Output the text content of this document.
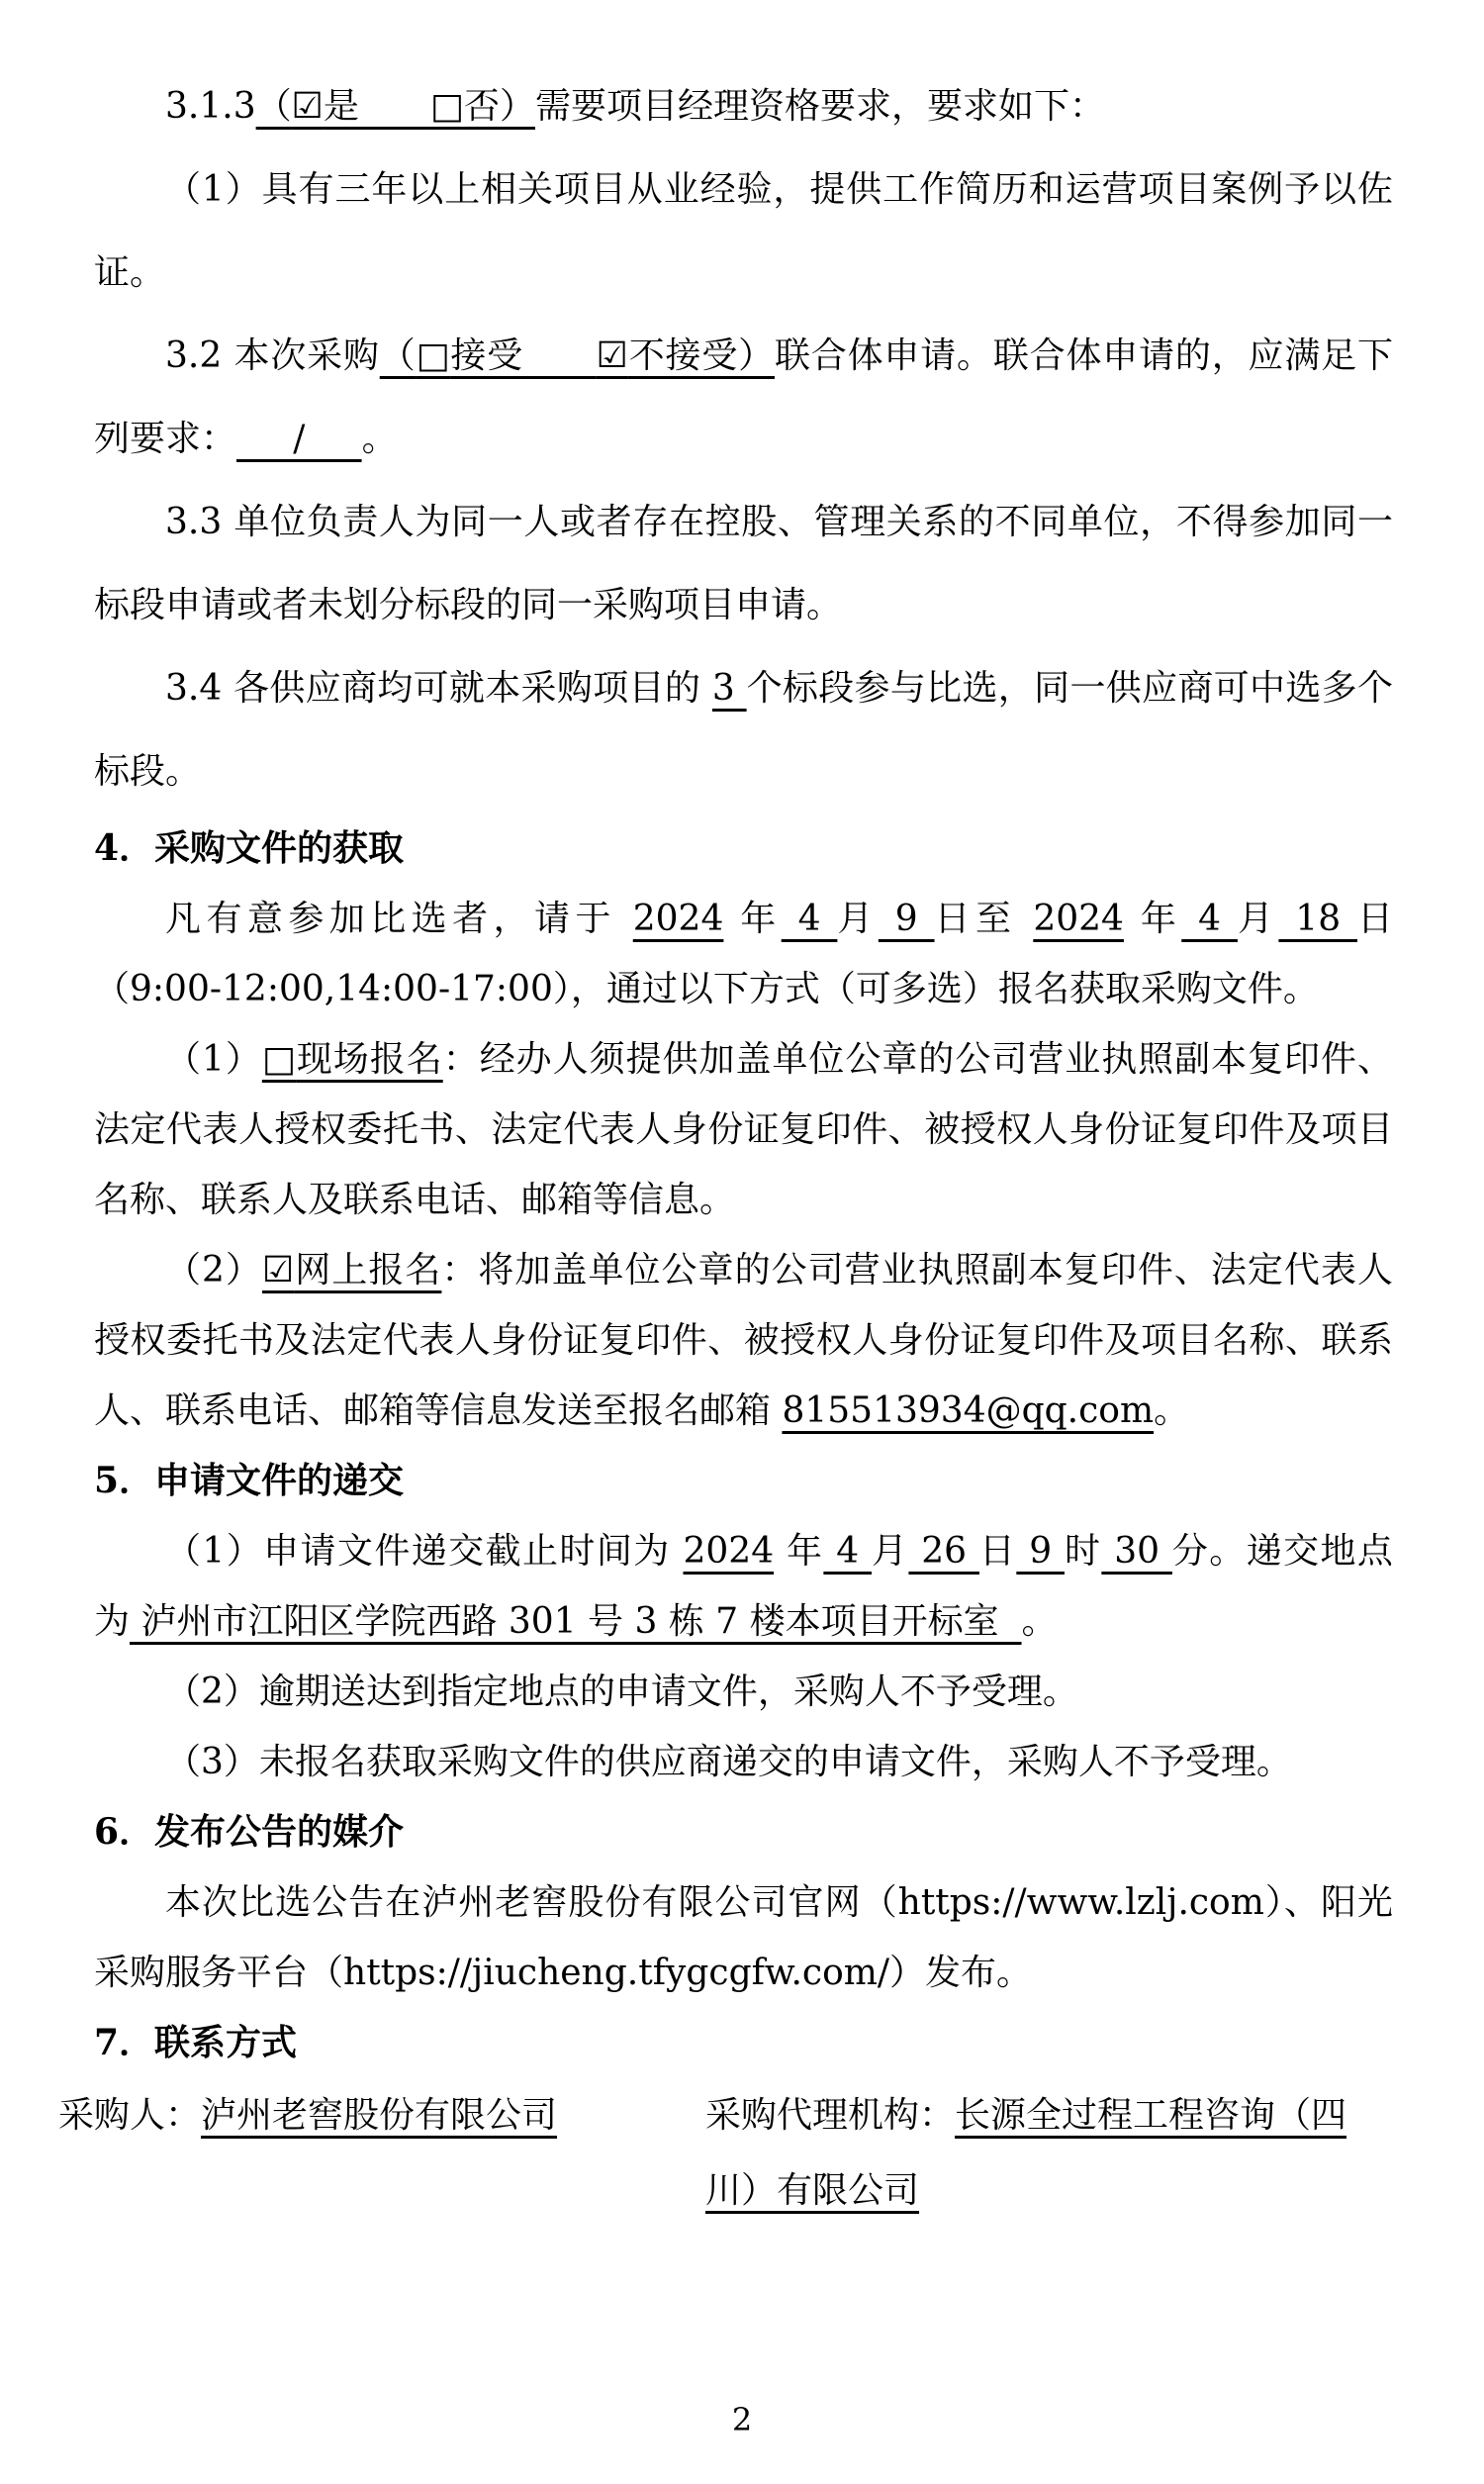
3.1.3（☑是　　□否）需要项目经理资格要求，要求如下：

（1）具有三年以上相关项目从业经验，提供工作简历和运营项目案例予以佐证。

3.2 本次采购（□接受　　☑不接受）联合体申请。联合体申请的，应满足下列要求：     /     。

3.3 单位负责人为同一人或者存在控股、管理关系的不同单位，不得参加同一标段申请或者未划分标段的同一采购项目申请。

3.4 各供应商均可就本采购项目的 3 个标段参与比选，同一供应商可中选多个标段。

4．采购文件的获取

凡有意参加比选者，请于 2024 年 4 月 9 日至 2024 年 4 月 18 日（9:00-12:00,14:00-17:00），通过以下方式（可多选）报名获取采购文件。

（1）□现场报名：经办人须提供加盖单位公章的公司营业执照副本复印件、法定代表人授权委托书、法定代表人身份证复印件、被授权人身份证复印件及项目名称、联系人及联系电话、邮箱等信息。

（2）☑网上报名：将加盖单位公章的公司营业执照副本复印件、法定代表人授权委托书及法定代表人身份证复印件、被授权人身份证复印件及项目名称、联系人、联系电话、邮箱等信息发送至报名邮箱 815513934@qq.com。

5．申请文件的递交

（1）申请文件递交截止时间为 2024 年 4 月 26 日 9 时 30 分。递交地点为 泸州市江阳区学院西路 301 号 3 栋 7 楼本项目开标室  。

（2）逾期送达到指定地点的申请文件，采购人不予受理。

（3）未报名获取采购文件的供应商递交的申请文件，采购人不予受理。

6．发布公告的媒介

本次比选公告在泸州老窖股份有限公司官网（https://www.lzlj.com）、阳光采购服务平台（https://jiucheng.tfygcgfw.com/）发布。

7．联系方式

采购人：泸州老窖股份有限公司	采购代理机构：长源全过程工程咨询（四川）有限公司
2
